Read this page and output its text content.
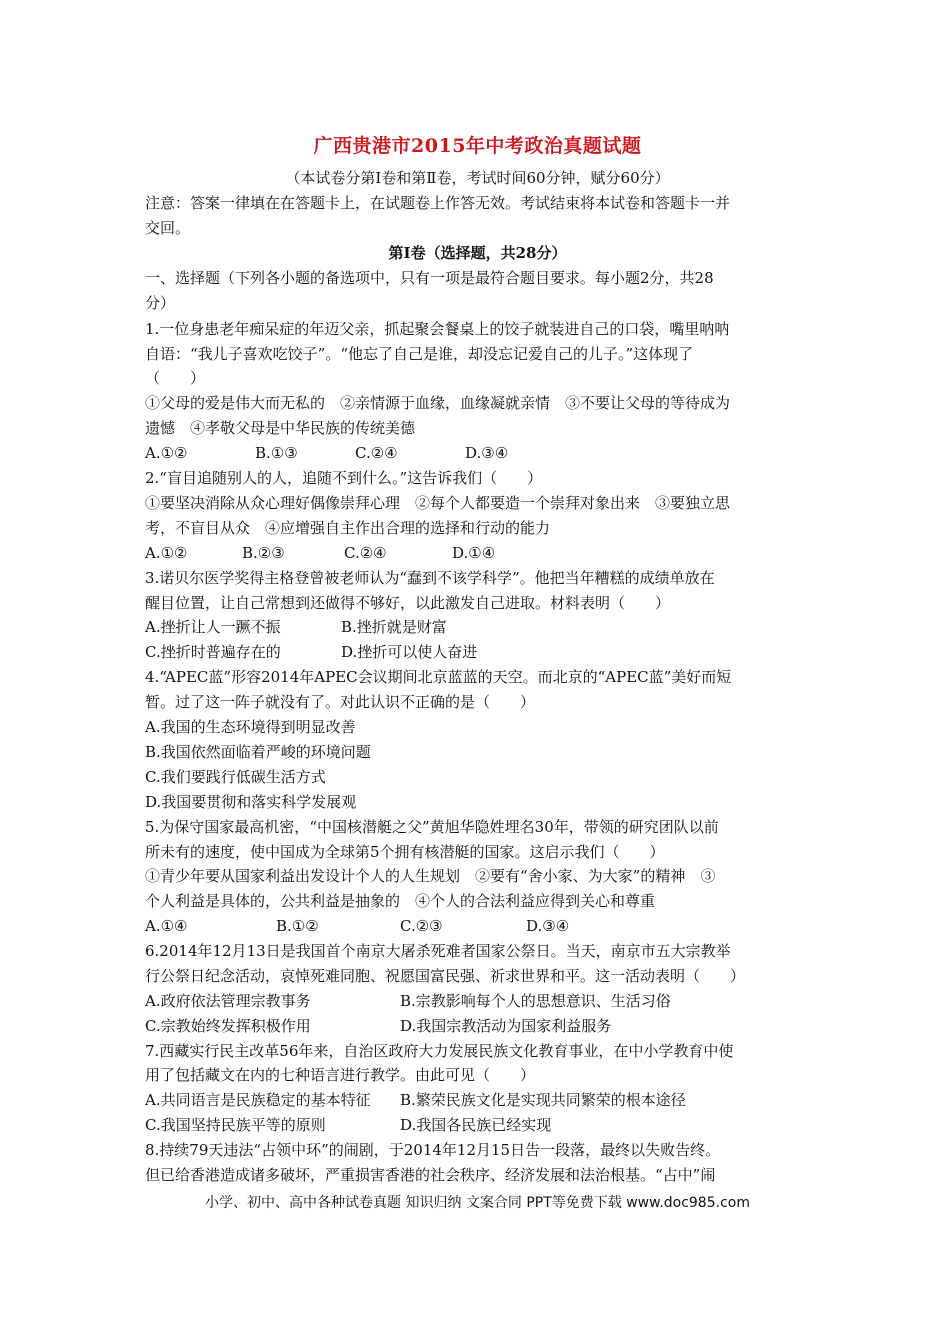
广西贵港市2015年中考政治真题试题
（本试卷分第Ⅰ卷和第Ⅱ卷，考试时间60分钟，赋分60分）
注意：答案一律填在在答题卡上，在试题卷上作答无效。考试结束将本试卷和答题卡一并
交回。
第Ⅰ卷（选择题，共28分）
一、选择题（下列各小题的备选项中，只有一项是最符合题目要求。每小题2分，共28
分）
1.一位身患老年痴呆症的年迈父亲，抓起聚会餐桌上的饺子就装进自己的口袋，嘴里呐呐
自语：“我儿子喜欢吃饺子”。“他忘了自己是谁，却没忘记爱自己的儿子。”这体现了
（　　）
①父母的爱是伟大而无私的　②亲情源于血缘，血缘凝就亲情　③不要让父母的等待成为
遗憾　④孝敬父母是中华民族的传统美德
A.①②	B.①③	C.②④	D.③④
2.“盲目追随别人的人，追随不到什么。”这告诉我们（　　）
①要坚决消除从众心理好偶像崇拜心理　②每个人都要造一个崇拜对象出来　③要独立思
考，不盲目从众　④应增强自主作出合理的选择和行动的能力
A.①②	B.②③	C.②④	D.①④
3.诺贝尔医学奖得主格登曾被老师认为“蠢到不该学科学”。他把当年糟糕的成绩单放在
醒目位置，让自己常想到还做得不够好，以此激发自己进取。材料表明（　　）
A.挫折让人一蹶不振	B.挫折就是财富
C.挫折时普遍存在的	D.挫折可以使人奋进
4.“APEC蓝”形容2014年APEC会议期间北京蓝蓝的天空。而北京的“APEC蓝”美好而短
暂。过了这一阵子就没有了。对此认识不正确的是（　　）
A.我国的生态环境得到明显改善
B.我国依然面临着严峻的环境问题
C.我们要践行低碳生活方式
D.我国要贯彻和落实科学发展观
5.为保守国家最高机密，“中国核潜艇之父”黄旭华隐姓埋名30年，带领的研究团队以前
所未有的速度，使中国成为全球第5个拥有核潜艇的国家。这启示我们（　　）
①青少年要从国家利益出发设计个人的人生规划　②要有“舍小家、为大家”的精神　③
个人利益是具体的，公共利益是抽象的　④个人的合法利益应得到关心和尊重
A.①④	B.①②	C.②③	D.③④
6.2014年12月13日是我国首个南京大屠杀死难者国家公祭日。当天，南京市五大宗教举
行公祭日纪念活动，哀悼死难同胞、祝愿国富民强、祈求世界和平。这一活动表明（　　）
A.政府依法管理宗教事务	B.宗教影响每个人的思想意识、生活习俗
C.宗教始终发挥积极作用	D.我国宗教活动为国家利益服务
7.西藏实行民主改革56年来，自治区政府大力发展民族文化教育事业，在中小学教育中使
用了包括藏文在内的七种语言进行教学。由此可见（　　）
A.共同语言是民族稳定的基本特征	B.繁荣民族文化是实现共同繁荣的根本途径
C.我国坚持民族平等的原则	D.我国各民族已经实现
8.持续79天违法“占领中环”的闹剧，于2014年12月15日告一段落，最终以失败告终。
但已给香港造成诸多破坏，严重损害香港的社会秩序、经济发展和法治根基。“占中”闹
小学、初中、高中各种试卷真题 知识归纳 文案合同 PPT等免费下载 www.doc985.com
